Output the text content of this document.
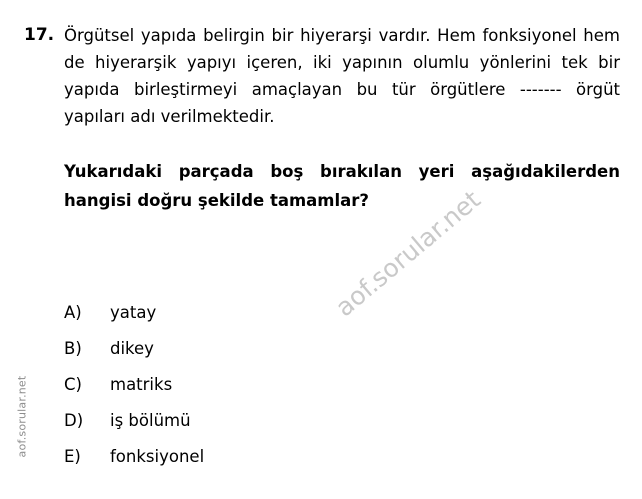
aof.sorular.net
aof.sorular.net
17. Örgütsel yapıda belirgin bir hiyerarşi vardır. Hem fonksiyonel hem de hiyerarşik yapıyı içeren, iki yapının olumlu yönlerini tek bir yapıda birleştirmeyi amaçlayan bu tür örgütlere ------- örgüt yapıları adı verilmektedir.
Yukarıdaki parçada boş bırakılan yeri aşağıdakilerden hangisi doğru şekilde tamamlar?
A)	yatay
B)	dikey
C)	matriks
D)	iş bölümü
E)	fonksiyonel
